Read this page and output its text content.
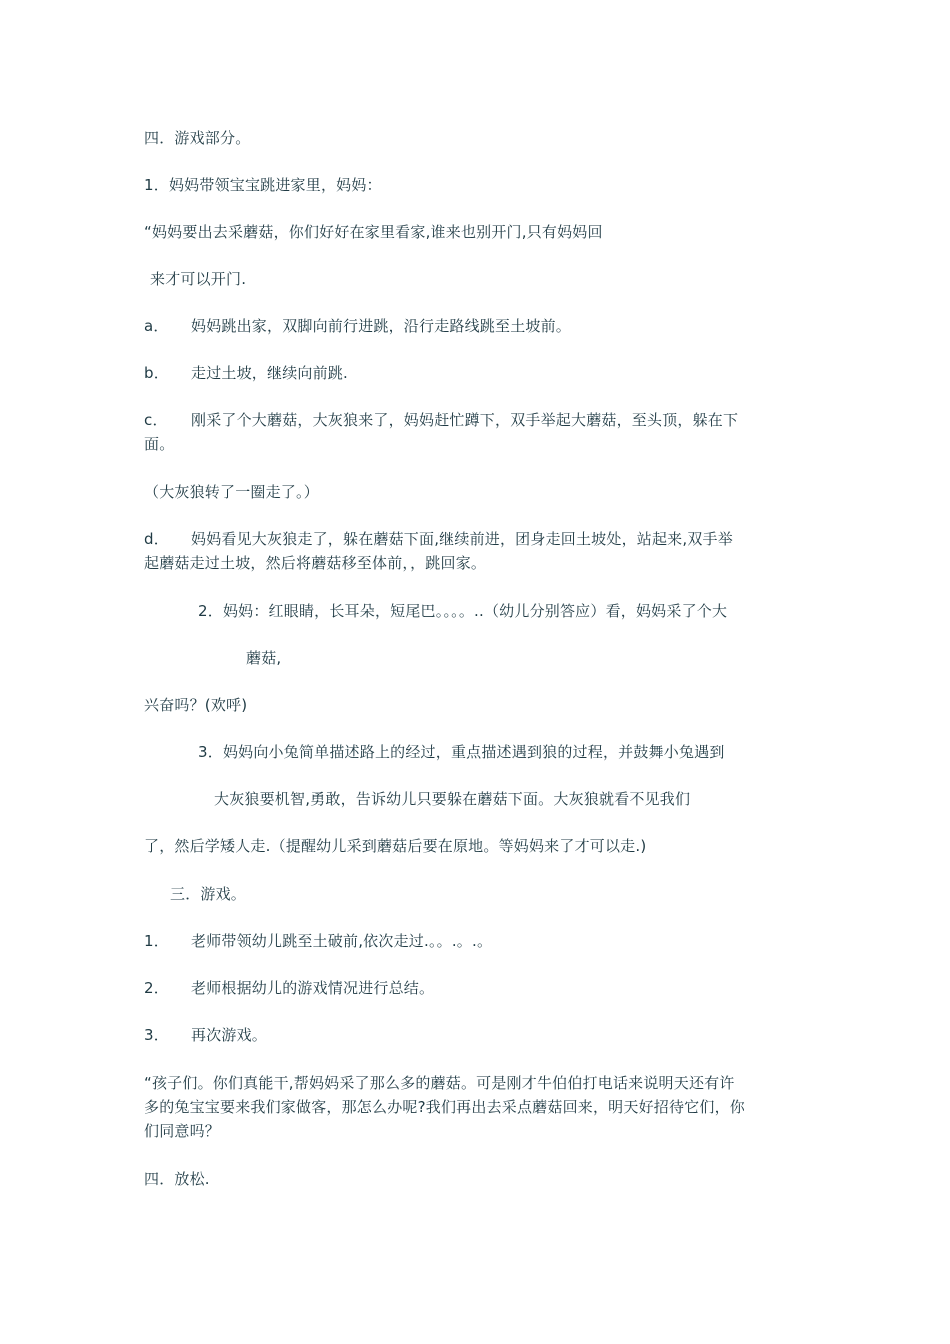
四．游戏部分。
1．妈妈带领宝宝跳进家里，妈妈：
“妈妈要出去采蘑菇，你们好好在家里看家,谁来也别开门,只有妈妈回
来才可以开门.
a． 妈妈跳出家，双脚向前行进跳，沿行走路线跳至土坡前。
b． 走过土坡，继续向前跳.
c． 刚采了个大蘑菇，大灰狼来了，妈妈赶忙蹲下，双手举起大蘑菇，至头顶，躲在下
面。
（大灰狼转了一圈走了。）
d． 妈妈看见大灰狼走了，躲在蘑菇下面,继续前进，团身走回土坡处，站起来,双手举
起蘑菇走过土坡，然后将蘑菇移至体前，，跳回家。
2．妈妈：红眼睛，长耳朵，短尾巴。。。。..（幼儿分别答应）看，妈妈采了个大
蘑菇,
兴奋吗？(欢呼)
3．妈妈向小兔简单描述路上的经过，重点描述遇到狼的过程，并鼓舞小兔遇到
大灰狼要机智,勇敢，告诉幼儿只要躲在蘑菇下面。大灰狼就看不见我们
了，然后学矮人走.（提醒幼儿采到蘑菇后要在原地。等妈妈来了才可以走.)
三．游戏。
1． 老师带领幼儿跳至土破前,依次走过.。。.。.。
2． 老师根据幼儿的游戏情况进行总结。
3． 再次游戏。
“孩子们。你们真能干,帮妈妈采了那么多的蘑菇。可是刚才牛伯伯打电话来说明天还有许
多的兔宝宝要来我们家做客，那怎么办呢?我们再出去采点蘑菇回来，明天好招待它们，你
们同意吗？
四．放松.
